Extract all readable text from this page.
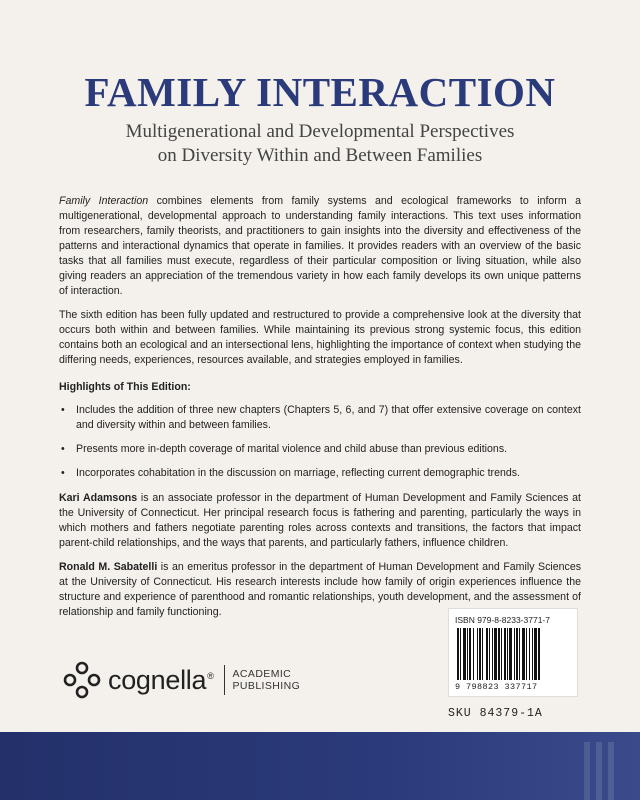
FAMILY INTERACTION
Multigenerational and Developmental Perspectives
on Diversity Within and Between Families

Family Interaction combines elements from family systems and ecological frameworks to inform a multigenerational, developmental approach to understanding family interactions. This text uses information from researchers, family theorists, and practitioners to gain insights into the diversity and effectiveness of the patterns and interactional dynamics that operate in families. It provides readers with an overview of the basic tasks that all families must execute, regardless of their particular composition or living situation, while also giving readers an appreciation of the tremendous variety in how each family develops its own unique patterns of interaction.

The sixth edition has been fully updated and restructured to provide a comprehensive look at the diversity that occurs both within and between families. While maintaining its previous strong systemic focus, this edition contains both an ecological and an intersectional lens, highlighting the importance of context when studying the differing needs, experiences, resources available, and strategies employed in families.

Highlights of This Edition:
• Includes the addition of three new chapters (Chapters 5, 6, and 7) that offer extensive coverage on context and diversity within and between families.
• Presents more in-depth coverage of marital violence and child abuse than previous editions.
• Incorporates cohabitation in the discussion on marriage, reflecting current demographic trends.

Kari Adamsons is an associate professor in the department of Human Development and Family Sciences at the University of Connecticut. Her principal research focus is fathering and parenting, particularly the ways in which mothers and fathers negotiate parenting roles across contexts and transitions, the factors that impact parent-child relationships, and the ways that parents, and particularly fathers, influence children.

Ronald M. Sabatelli is an emeritus professor in the department of Human Development and Family Sciences at the University of Connecticut. His research interests include how family of origin experiences influence the structure and experience of parenthood and romantic relationships, youth development, and the assessment of relationship and family functioning.

cognella® ACADEMIC
PUBLISHING
ISBN 979-8-8233-3771-7
9 798823 337717
SKU 84379-1A
